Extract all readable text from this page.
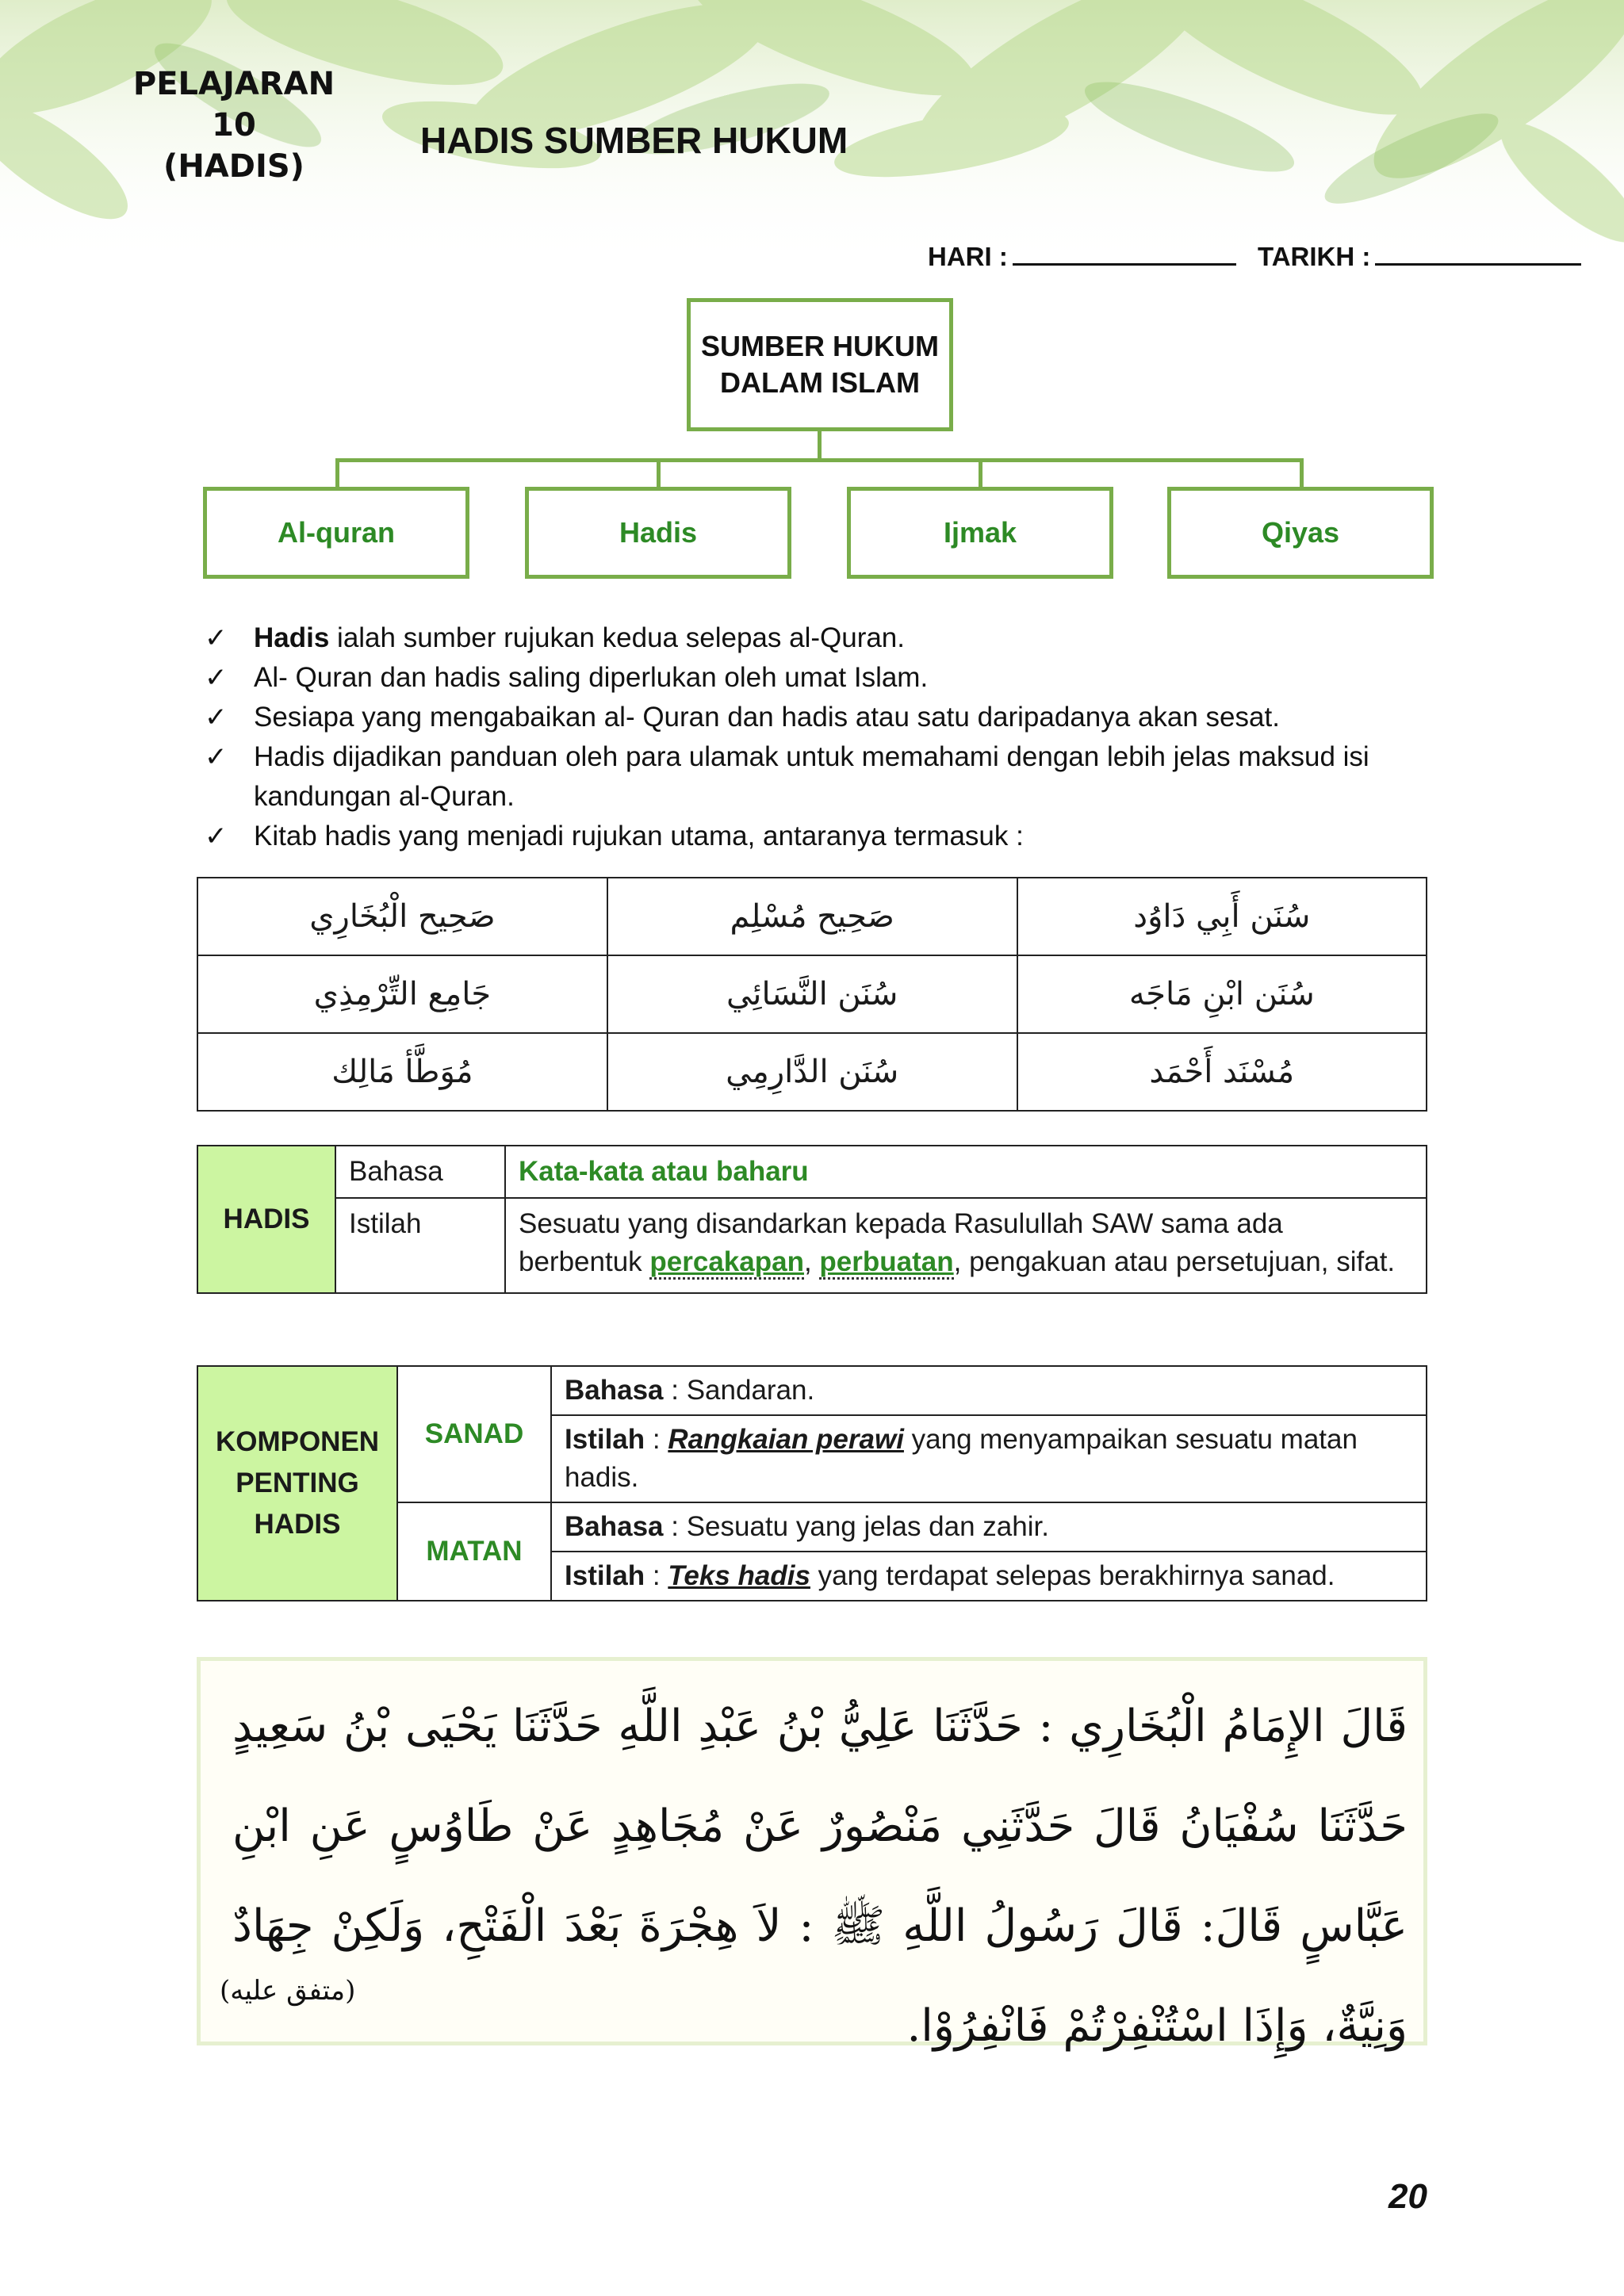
PELAJARAN
10
(HADIS)
HADIS SUMBER HUKUM
HARI :	TARIKH :
SUMBER HUKUM
DALAM ISLAM
Al-quran	Hadis	Ijmak	Qiyas
✓ Hadis ialah sumber rujukan kedua selepas al-Quran.
✓ Al- Quran dan hadis saling diperlukan oleh umat Islam.
✓ Sesiapa yang mengabaikan al- Quran dan hadis atau satu daripadanya akan sesat.
✓ Hadis dijadikan panduan oleh para ulamak untuk memahami dengan lebih jelas maksud isi kandungan al-Quran.
✓ Kitab hadis yang menjadi rujukan utama, antaranya termasuk :
صَحِيح الْبُخَارِي	صَحِيح مُسْلِم	سُنَن أَبِي دَاوُد
جَامِع التِّرْمِذِي	سُنَن النَّسَائِي	سُنَن ابْنِ مَاجَه
مُوَطَّأ مَالِك	سُنَن الدَّارِمِي	مُسْنَد أَحْمَد
HADIS	Bahasa	Kata-kata atau baharu
	Istilah	Sesuatu yang disandarkan kepada Rasulullah SAW sama ada berbentuk percakapan, perbuatan, pengakuan atau persetujuan, sifat.
KOMPONEN
PENTING
HADIS	SANAD	Bahasa : Sandaran.
		Istilah : Rangkaian perawi yang menyampaikan sesuatu matan hadis.
	MATAN	Bahasa : Sesuatu yang jelas dan zahir.
		Istilah : Teks hadis yang terdapat selepas berakhirnya sanad.
قَالَ الإِمَامُ الْبُخَارِي : حَدَّثَنَا عَلِيُّ بْنُ عَبْدِ اللَّهِ حَدَّثَنَا يَحْيَى بْنُ سَعِيدٍ حَدَّثَنَا سُفْيَانُ قَالَ حَدَّثَنِي مَنْصُورٌ عَنْ مُجَاهِدٍ عَنْ طَاوُسٍ عَنِ ابْنِ عَبَّاسٍ قَالَ: قَالَ رَسُولُ اللَّهِ ﷺ : لاَ هِجْرَةَ بَعْدَ الْفَتْحِ، وَلَكِنْ جِهَادٌ وَنِيَّةٌ، وَإِذَا اسْتُنْفِرْتُمْ فَانْفِرُوْا.
(متفق عليه)
20
